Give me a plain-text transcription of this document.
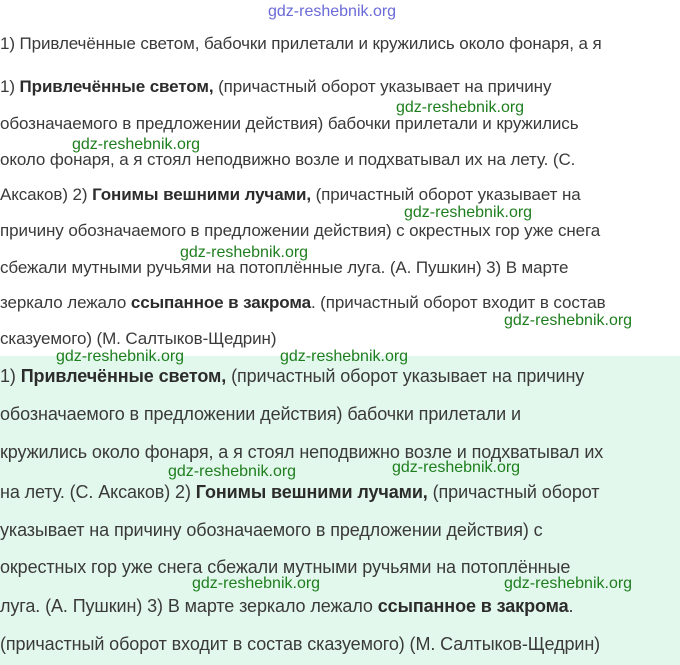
gdz-reshebnik.org
gdz-reshebnik.org
gdz-reshebnik.org
gdz-reshebnik.org
gdz-reshebnik.org
gdz-reshebnik.org
gdz-reshebnik.org	gdz-reshebnik.org
gdz-reshebnik.org	gdz-reshebnik.org
gdz-reshebnik.org	gdz-reshebnik.org
1) Привлечённые светом, бабочки прилетали и кружились около фонаря, а я
1) Привлечённые светом, (причастный оборот указывает на причину
обозначаемого в предложении действия) бабочки прилетали и кружились
около фонаря, а я стоял неподвижно возле и подхватывал их на лету. (С.
Аксаков) 2) Гонимы вешними лучами, (причастный оборот указывает на
причину обозначаемого в предложении действия) с окрестных гор уже снега
сбежали мутными ручьями на потоплённые луга. (А. Пушкин) 3) В марте
зеркало лежало ссыпанное в закрома. (причастный оборот входит в состав
сказуемого) (М. Салтыков-Щедрин)
1) Привлечённые светом, (причастный оборот указывает на причину
обозначаемого в предложении действия) бабочки прилетали и
кружились около фонаря, а я стоял неподвижно возле и подхватывал их
на лету. (С. Аксаков) 2) Гонимы вешними лучами, (причастный оборот
указывает на причину обозначаемого в предложении действия) с
окрестных гор уже снега сбежали мутными ручьями на потоплённые
луга. (А. Пушкин) 3) В марте зеркало лежало ссыпанное в закрома.
(причастный оборот входит в состав сказуемого) (М. Салтыков-Щедрин)
